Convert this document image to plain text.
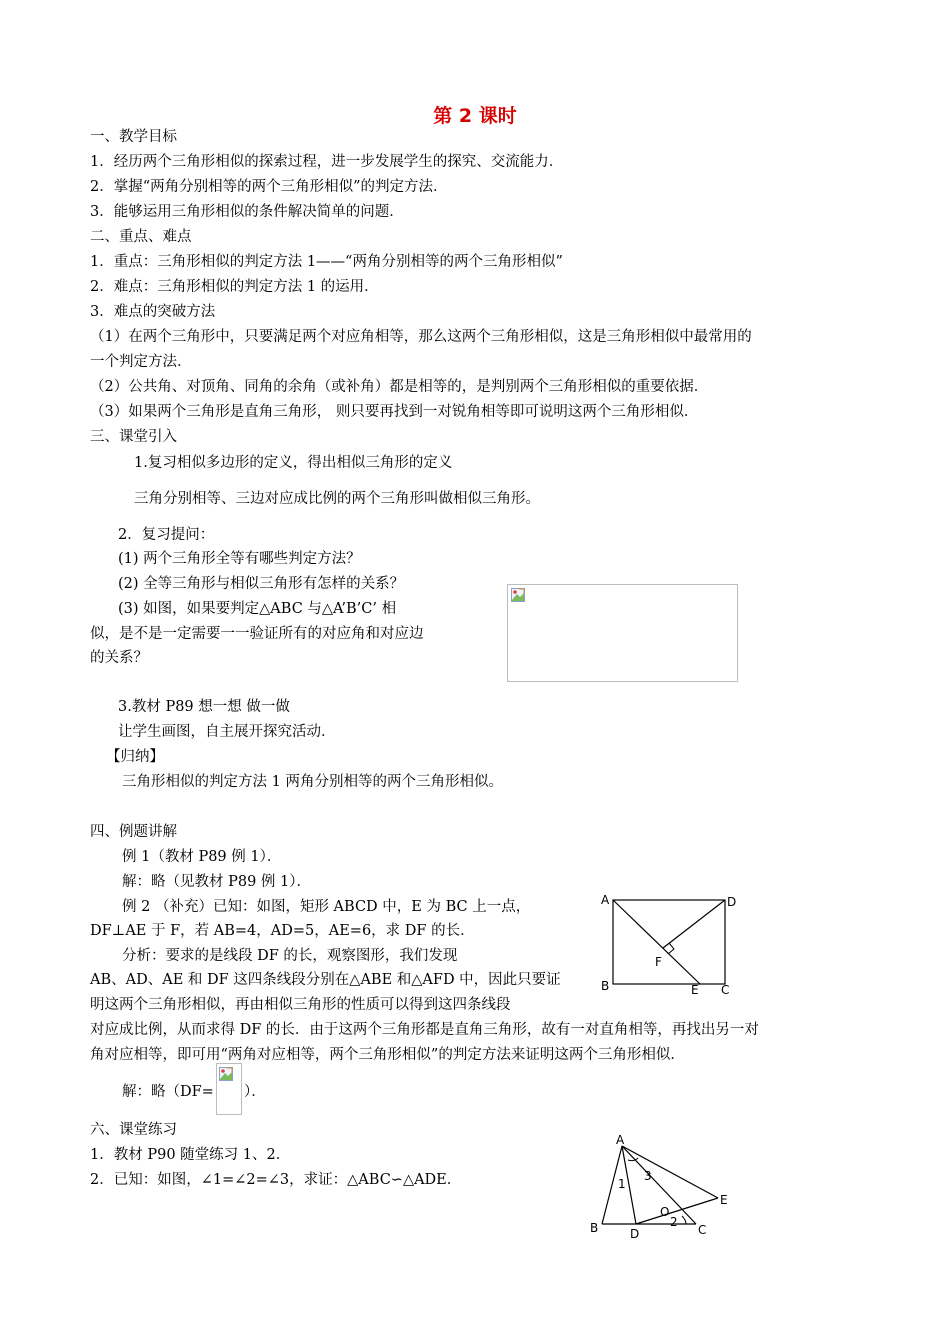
第 2 课时
一、教学目标
1．经历两个三角形相似的探索过程，进一步发展学生的探究、交流能力．
2．掌握“两角分别相等的两个三角形相似”的判定方法．
3．能够运用三角形相似的条件解决简单的问题．
二、重点、难点
1．重点：三角形相似的判定方法 1——“两角分别相等的两个三角形相似”
2．难点：三角形相似的判定方法 1 的运用．
3．难点的突破方法
（1）在两个三角形中，只要满足两个对应角相等，那么这两个三角形相似，这是三角形相似中最常用的
一个判定方法．
（2）公共角、对顶角、同角的余角（或补角）都是相等的，是判别两个三角形相似的重要依据．
（3）如果两个三角形是直角三角形， 则只要再找到一对锐角相等即可说明这两个三角形相似．
三、课堂引入
1.复习相似多边形的定义，得出相似三角形的定义
三角分别相等、三边对应成比例的两个三角形叫做相似三角形。
2．复习提问：
(1) 两个三角形全等有哪些判定方法？
(2) 全等三角形与相似三角形有怎样的关系？
(3) 如图，如果要判定△ABC 与△A’B’C’ 相
似，是不是一定需要一一验证所有的对应角和对应边
的关系？
3.教材 P89 想一想 做一做
让学生画图，自主展开探究活动．
【归纳】
三角形相似的判定方法 1 两角分别相等的两个三角形相似。
四、例题讲解
例 1（教材 P89 例 1）．
解：略（见教材 P89 例 1）．
例 2 （补充）已知：如图，矩形 ABCD 中，E 为 BC 上一点，
DF⊥AE 于 F，若 AB=4，AD=5，AE=6，求 DF 的长．
分析：要求的是线段 DF 的长，观察图形，我们发现
AB、AD、AE 和 DF 这四条线段分别在△ABE 和△AFD 中，因此只要证
明这两个三角形相似，再由相似三角形的性质可以得到这四条线段
对应成比例，从而求得 DF 的长．由于这两个三角形都是直角三角形，故有一对直角相等，再找出另一对
角对应相等，即可用“两角对应相等，两个三角形相似”的判定方法来证明这两个三角形相似．
解：略（DF= ）．
六、课堂练习
1．教材 P90 随堂练习 1、2．
2．已知：如图，∠1=∠2=∠3，求证：△ABC∽△ADE．
A	D
B	E C
F
A
B	D	C
E
O
1
2
3
